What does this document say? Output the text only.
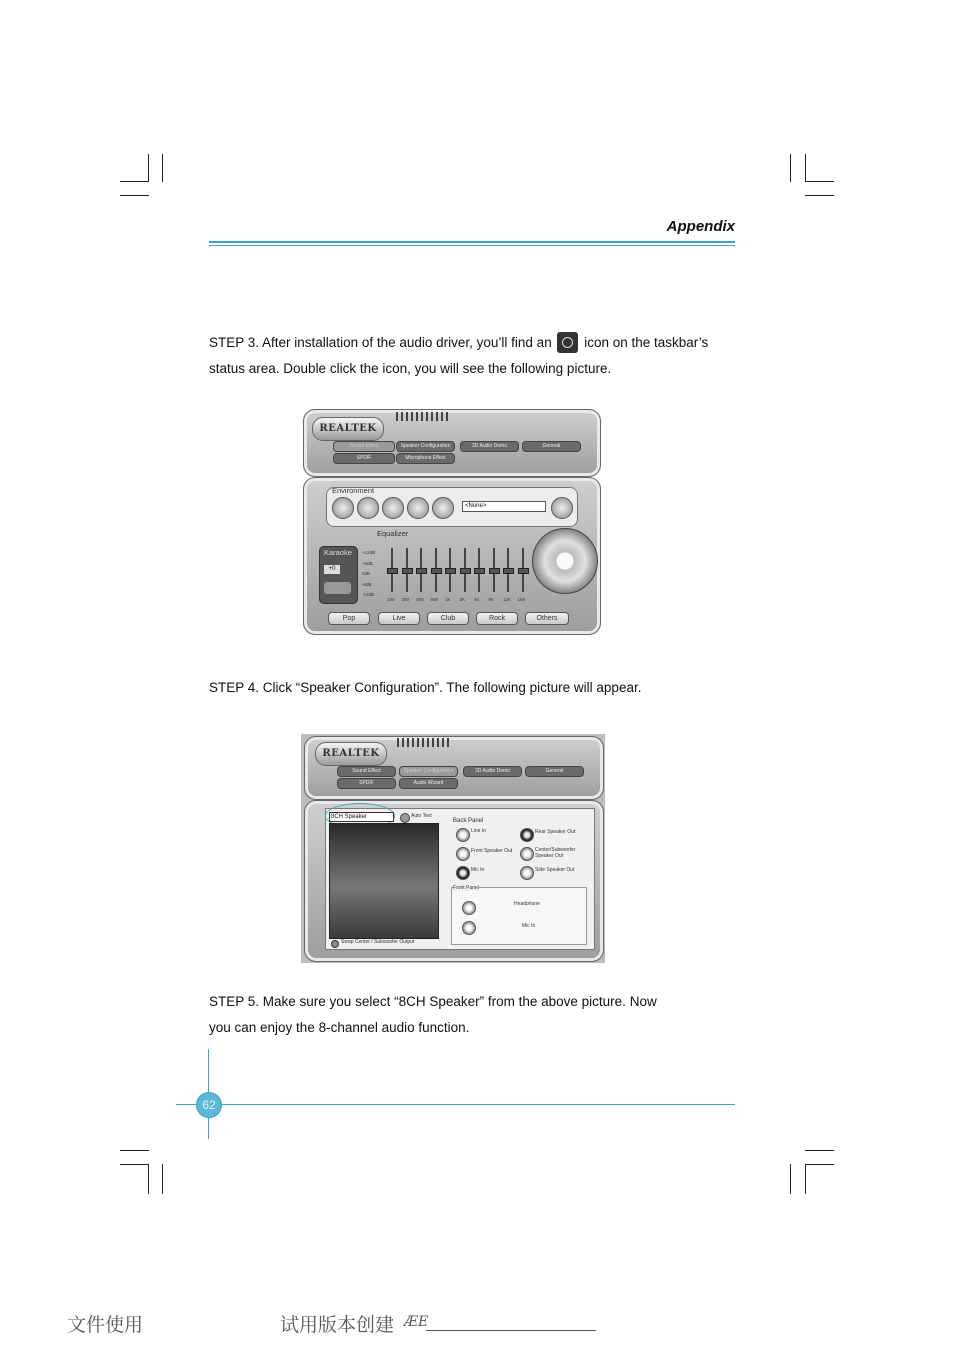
Appendix
STEP 3. After installation of the audio driver, you’ll find an icon on the taskbar’s
status area. Double click the icon, you will see the following picture.
REALTEK
Sound Effect	Speaker Configuration	3D Audio Demo	General
SPDIF	Microphone Effect
Environment
<None>
Equalizer
Karaoke
+0
+12dB
+6dB
0dB
-6dB
-12dB
100 200 400 600 1K 2K 4K 8K 12K 16K
Pop	Live	Club	Rock	Others
STEP 4. Click “Speaker Configuration”. The following picture will appear.
REALTEK
Sound Effect	Speaker Configuration	3D Audio Demo	General
SPDIF	Audio Wizard
8CH Speaker	Auto Test
Swap Center / Subwoofer Output
Back Panel
Line In	Rear Speaker Out
Front Speaker Out	Center/Subwoofer Speaker Out
Mic In	Side Speaker Out
Front Panel
Headphone
Mic In
STEP 5. Make sure you select “8CH Speaker” from the above picture. Now
you can enjoy the 8-channel audio function.
62
文件使用	试用版本创建 ÆE
